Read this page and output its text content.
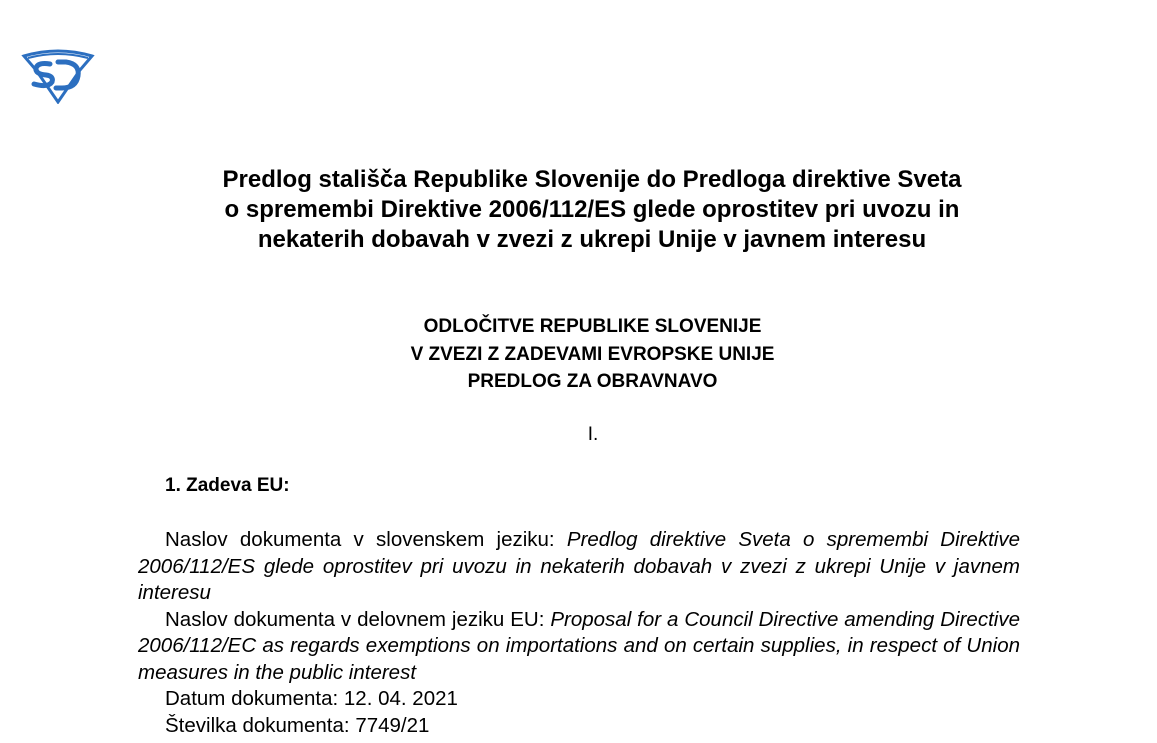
Predlog stališča Republike Slovenije do Predloga direktive Sveta
o spremembi Direktive 2006/112/ES glede oprostitev pri uvozu in
nekaterih dobavah v zvezi z ukrepi Unije v javnem interesu
ODLOČITVE REPUBLIKE SLOVENIJE
V ZVEZI Z ZADEVAMI EVROPSKE UNIJE
PREDLOG ZA OBRAVNAVO
I.
1. Zadeva EU:

Naslov dokumenta v slovenskem jeziku: Predlog direktive Sveta o spremembi Direktive 2006/112/ES glede oprostitev pri uvozu in nekaterih dobavah v zvezi z ukrepi Unije v javnem interesu

Naslov dokumenta v delovnem jeziku EU: Proposal for a Council Directive amending Directive 2006/112/EC as regards exemptions on importations and on certain supplies, in respect of Union measures in the public interest

Datum dokumenta: 12. 04. 2021

Številka dokumenta: 7749/21
